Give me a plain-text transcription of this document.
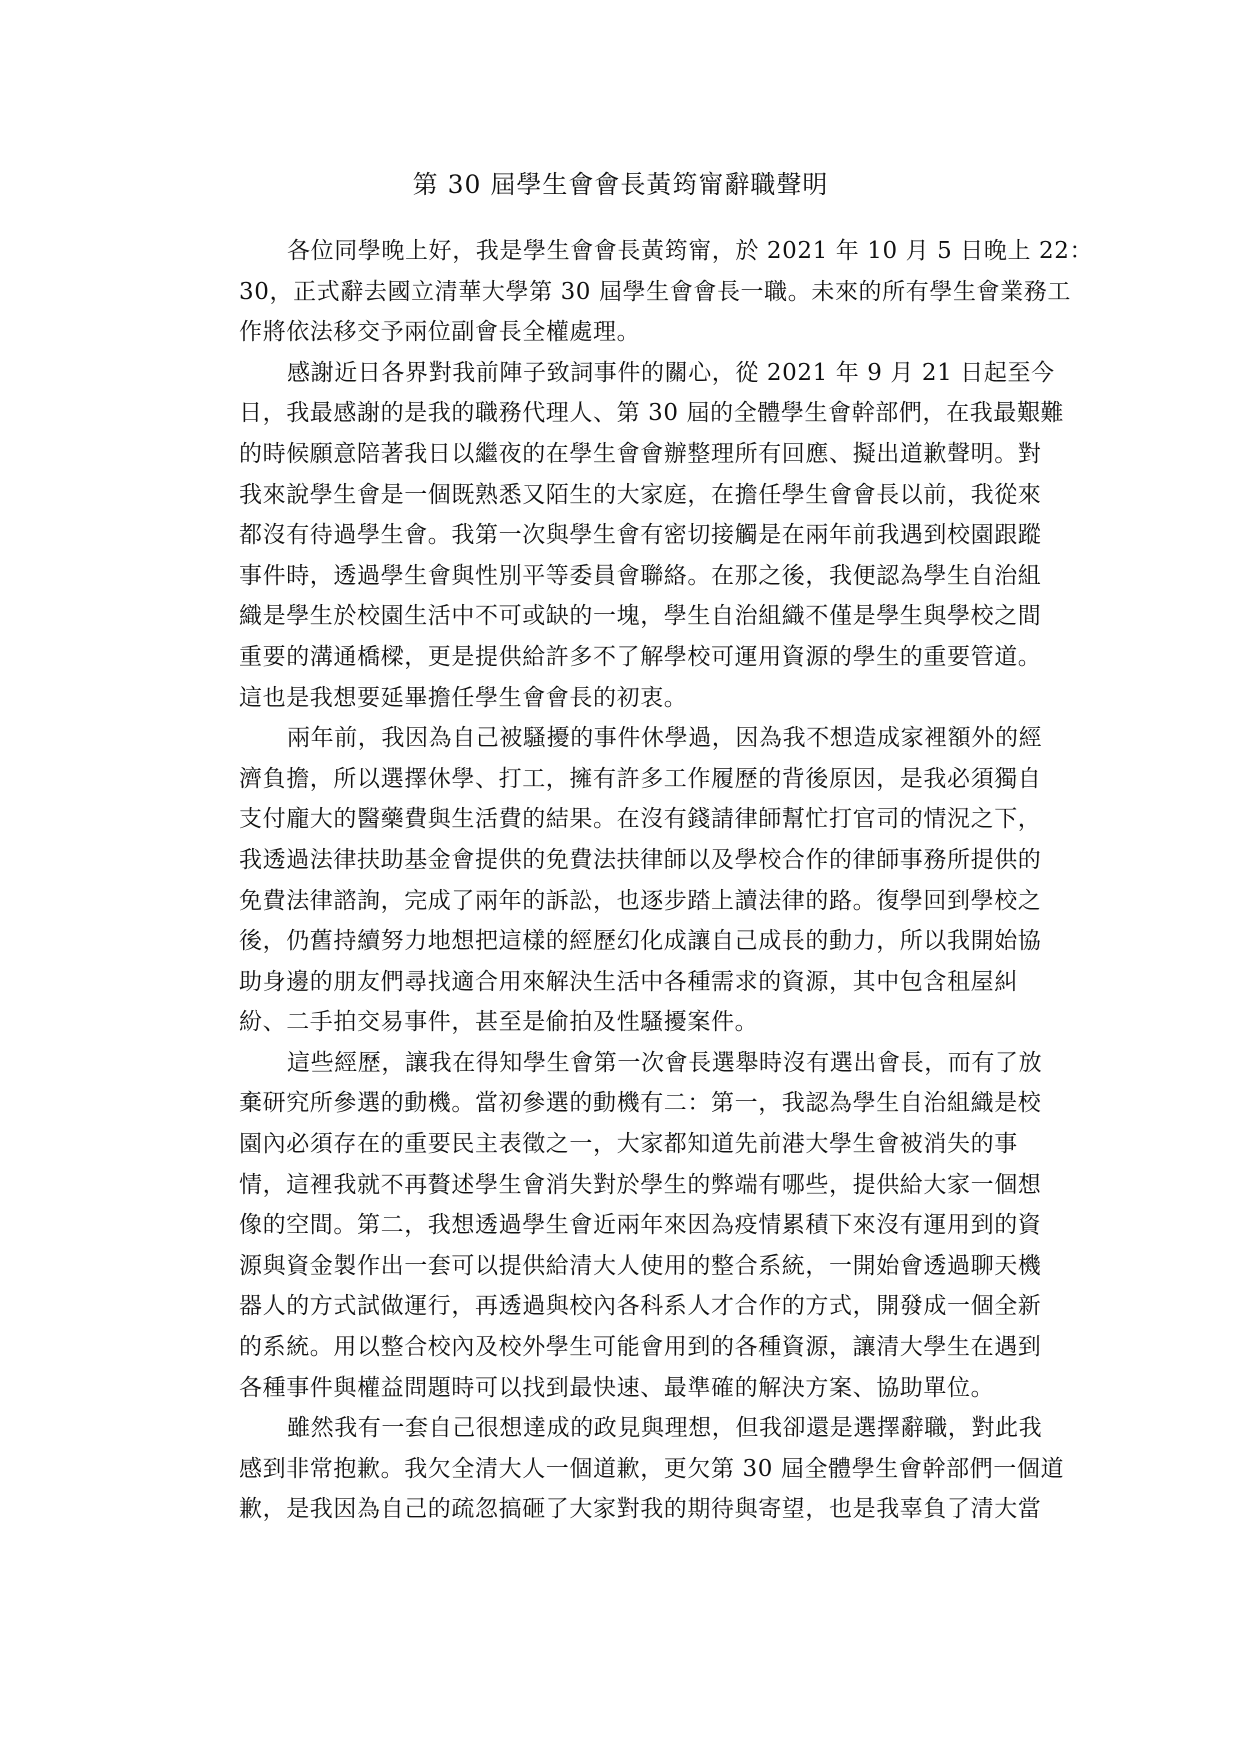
第 30 屆學生會會長黃筠甯辭職聲明
各位同學晚上好，我是學生會會長黃筠甯，於 2021 年 10 月 5 日晚上 22：
30，正式辭去國立清華大學第 30 屆學生會會長一職。未來的所有學生會業務工
作將依法移交予兩位副會長全權處理。
感謝近日各界對我前陣子致詞事件的關心，從 2021 年 9 月 21 日起至今
日，我最感謝的是我的職務代理人、第 30 屆的全體學生會幹部們，在我最艱難
的時候願意陪著我日以繼夜的在學生會會辦整理所有回應、擬出道歉聲明。對
我來說學生會是一個既熟悉又陌生的大家庭，在擔任學生會會長以前，我從來
都沒有待過學生會。我第一次與學生會有密切接觸是在兩年前我遇到校園跟蹤
事件時，透過學生會與性別平等委員會聯絡。在那之後，我便認為學生自治組
織是學生於校園生活中不可或缺的一塊，學生自治組織不僅是學生與學校之間
重要的溝通橋樑，更是提供給許多不了解學校可運用資源的學生的重要管道。
這也是我想要延畢擔任學生會會長的初衷。
兩年前，我因為自己被騷擾的事件休學過，因為我不想造成家裡額外的經
濟負擔，所以選擇休學、打工，擁有許多工作履歷的背後原因，是我必須獨自
支付龐大的醫藥費與生活費的結果。在沒有錢請律師幫忙打官司的情況之下，
我透過法律扶助基金會提供的免費法扶律師以及學校合作的律師事務所提供的
免費法律諮詢，完成了兩年的訴訟，也逐步踏上讀法律的路。復學回到學校之
後，仍舊持續努力地想把這樣的經歷幻化成讓自己成長的動力，所以我開始協
助身邊的朋友們尋找適合用來解決生活中各種需求的資源，其中包含租屋糾
紛、二手拍交易事件，甚至是偷拍及性騷擾案件。
這些經歷，讓我在得知學生會第一次會長選舉時沒有選出會長，而有了放
棄研究所參選的動機。當初參選的動機有二：第一，我認為學生自治組織是校
園內必須存在的重要民主表徵之一，大家都知道先前港大學生會被消失的事
情，這裡我就不再贅述學生會消失對於學生的弊端有哪些，提供給大家一個想
像的空間。第二，我想透過學生會近兩年來因為疫情累積下來沒有運用到的資
源與資金製作出一套可以提供給清大人使用的整合系統，一開始會透過聊天機
器人的方式試做運行，再透過與校內各科系人才合作的方式，開發成一個全新
的系統。用以整合校內及校外學生可能會用到的各種資源，讓清大學生在遇到
各種事件與權益問題時可以找到最快速、最準確的解決方案、協助單位。
雖然我有一套自己很想達成的政見與理想，但我卻還是選擇辭職，對此我
感到非常抱歉。我欠全清大人一個道歉，更欠第 30 屆全體學生會幹部們一個道
歉，是我因為自己的疏忽搞砸了大家對我的期待與寄望，也是我辜負了清大當
